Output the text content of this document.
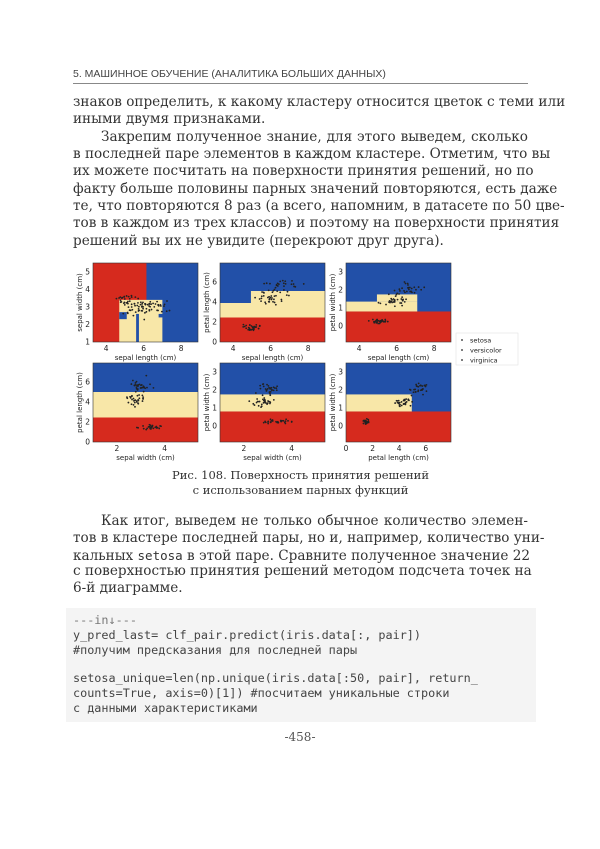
5. МАШИННОЕ ОБУЧЕНИЕ (АНАЛИТИКА БОЛЬШИХ ДАННЫХ)
знаков определить, к какому кластеру относится цветок с теми или
иными двумя признаками.
Закрепим полученное знание, для этого выведем, сколько
в последней паре элементов в каждом кластере. Отметим, что вы
их можете посчитать на поверхности принятия решений, но по
факту больше половины парных значений повторяются, есть даже
те, что повторяются 8 раз (а всего, напомним, в датасете по 50 цве-
тов в каждом из трех классов) и поэтому на поверхности принятия
решений вы их не увидите (перекроют друг друга).
4	6	8
1
2
3
4
5
sepal length (cm)
sepal width (cm)
4	6	8
0
2
4
6
sepal length (cm)
petal length (cm)
4	6	8
0
1
2
3
sepal length (cm)
petal width (cm)
2	4
0
2
4
6
sepal width (cm)
petal length (cm)
2	4
0
1
2
3
sepal width (cm)
petal width (cm)
0	2	4	6
0
1
2
3
petal length (cm)
petal width (cm)
setosa
versicolor
virginica
Рис. 108. Поверхность принятия решений
с использованием парных функций
Как итог, выведем не только обычное количество элемен-
тов в кластере последней пары, но и, например, количество уни-
кальных setosa в этой паре. Сравните полученное значение 22
с поверхностью принятия решений методом подсчета точек на
6-й диаграмме.
---in↓---
y_pred_last= clf_pair.predict(iris.data[:, pair])
#получим предсказания для последней пары
setosa_unique=len(np.unique(iris.data[:50, pair], return_
counts=True, axis=0)[1]) #посчитаем уникальные строки
с данными характеристиками
-458-
